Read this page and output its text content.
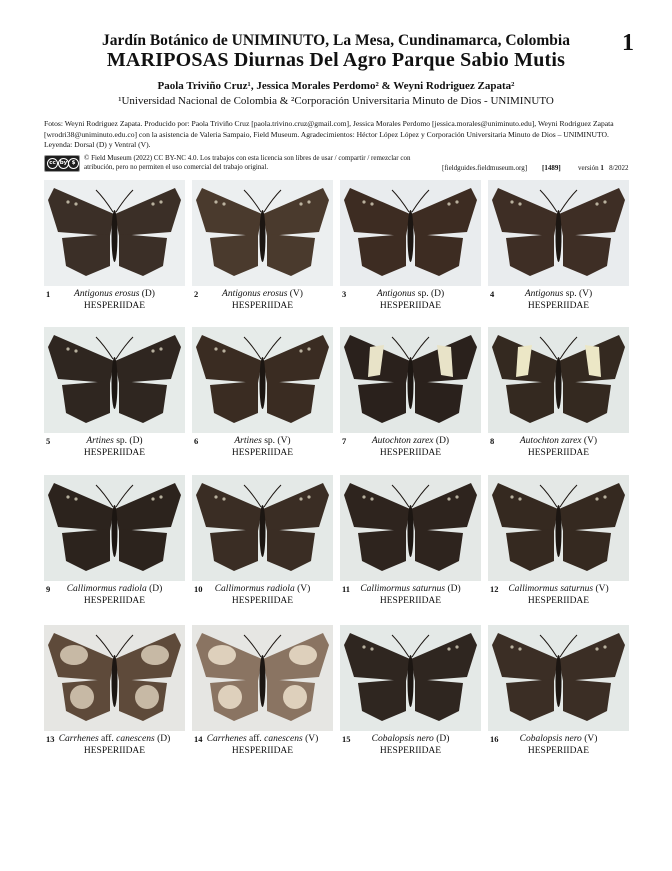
1
Jardín Botánico de UNIMINUTO, La Mesa, Cundinamarca, Colombia
MARIPOSAS Diurnas Del Agro Parque Sabio Mutis
Paola Triviño Cruz¹, Jessica Morales Perdomo² & Weyni Rodriguez Zapata²
¹Universidad Nacional de Colombia & ²Corporación Universitaria Minuto de Dios - UNIMINUTO
Fotos: Weyni Rodriguez Zapata. Producido por: Paola Triviño Cruz [paola.trivino.cruz@gmail.com], Jessica Morales Perdomo [jessica.morales@uniminuto.edu], Weyni Rodriguez Zapata [wrodri38@uniminuto.edu.co] con la asistencia de Valeria Sampaio, Field Museum. Agradecimientos: Héctor López López y Corporación Universitaria Minuto de Dios – UNIMINUTO. Leyenda: Dorsal (D) y Ventral (V).
cc by $
© Field Museum (2022) CC BY-NC 4.0. Los trabajos con esta licencia son libres de usar / compartir / remezclar con atribución, pero no permiten el uso comercial del trabajo original.	[fieldguides.fieldmuseum.org] [1489] versión 1 8/2022
1	Antigonus erosus (D)
HESPERIIDAE
2	Antigonus erosus (V)
HESPERIIDAE
3	Antigonus sp. (D)
HESPERIIDAE
4	Antigonus sp. (V)
HESPERIIDAE
5	Artines sp. (D)
HESPERIIDAE
6	Artines sp. (V)
HESPERIIDAE
7	Autochton zarex (D)
HESPERIIDAE
8	Autochton zarex (V)
HESPERIIDAE
9	Callimormus radiola (D)
HESPERIIDAE
10	Callimormus radiola (V)
HESPERIIDAE
11	Callimormus saturnus (D)
HESPERIIDAE
12	Callimormus saturnus (V)
HESPERIIDAE
13 Carrhenes aff. canescens (D)
HESPERIIDAE
14 Carrhenes aff. canescens (V)
HESPERIIDAE
15	Cobalopsis nero (D)
HESPERIIDAE
16	Cobalopsis nero (V)
HESPERIIDAE
